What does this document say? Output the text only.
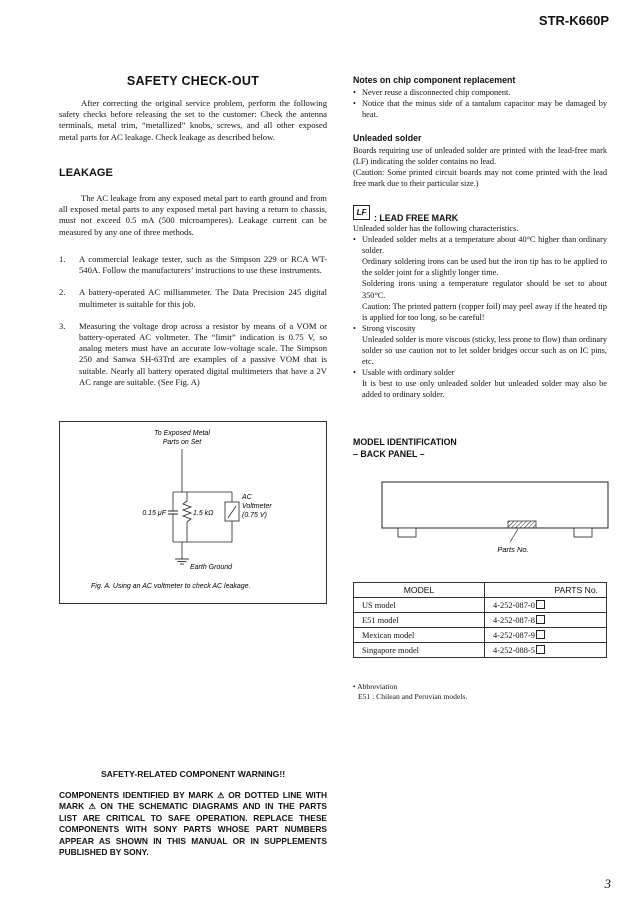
STR-K660P
3
SAFETY CHECK-OUT

After correcting the original service problem, perform the following safety checks before releasing the set to the customer: Check the antenna terminals, metal trim, “metallized” knobs, screws, and all other exposed metal parts for AC leakage. Check leakage as described below.

LEAKAGE

The AC leakage from any exposed metal part to earth ground and from all exposed metal parts to any exposed metal part having a return to chassis, must not exceed 0.5 mA (500 microamperes). Leakage current can be measured by any one of three methods.

1. A commercial leakage tester, such as the Simpson 229 or RCA WT-540A. Follow the manufacturers’ instructions to use these instruments.
2. A battery-operated AC milliammeter. The Data Precision 245 digital multimeter is suitable for this job.
3. Measuring the voltage drop across a resistor by means of a VOM or battery-operated AC voltmeter. The “limit” indication is 0.75 V, so analog meters must have an accurate low-voltage scale. The Simpson 250 and Sanwa SH-63Trd are examples of a passive VOM that is suitable. Nearly all battery operated digital multimeters that have a 2V AC range are suitable. (See Fig. A)
To Exposed Metal
Parts on Set
0.15 μF	1.5 kΩ
AC
Voltmeter
(0.75 V)
Earth Ground
Fig. A. Using an AC voltmeter to check AC leakage.
SAFETY-RELATED COMPONENT WARNING!!
COMPONENTS IDENTIFIED BY MARK ⚠ OR DOTTED LINE WITH MARK ⚠ ON THE SCHEMATIC DIAGRAMS AND IN THE PARTS LIST ARE CRITICAL TO SAFE OPERATION. REPLACE THESE COMPONENTS WITH SONY PARTS WHOSE PART NUMBERS APPEAR AS SHOWN IN THIS MANUAL OR IN SUPPLEMENTS PUBLISHED BY SONY.
Notes on chip component replacement
• Never reuse a disconnected chip component.
• Notice that the minus side of a tantalum capacitor may be damaged by heat.
Unleaded solder

Boards requiring use of unleaded solder are printed with the lead-free mark (LF) indicating the solder contains no lead.

(Caution: Some printed circuit boards may not come printed with the lead free mark due to their particular size.)

LF
: LEAD FREE MARK

Unleaded solder has the following characteristics.

• Unleaded solder melts at a temperature about 40°C higher than ordinary solder.
Ordinary soldering irons can be used but the iron tip has to be applied to the solder joint for a slightly longer time.
Soldering irons using a temperature regulator should be set to about 350°C.
Caution: The printed pattern (copper foil) may peel away if the heated tip is applied for too long, so be careful!
• Strong viscosity
Unleaded solder is more viscous (sticky, less prone to flow) than ordinary solder so use caution not to let solder bridges occur such as on IC pins, etc.
• Usable with ordinary solder
It is best to use only unleaded solder but unleaded solder may also be added to ordinary solder.
MODEL IDENTIFICATION
– BACK PANEL –
Parts No.
MODEL	PARTS No.
US model	4-252-087-0
E51 model	4-252-087-8
Mexican model	4-252-087-9
Singapore model	4-252-088-5
• Abbreviation
E51 : Chilean and Peruvian models.
